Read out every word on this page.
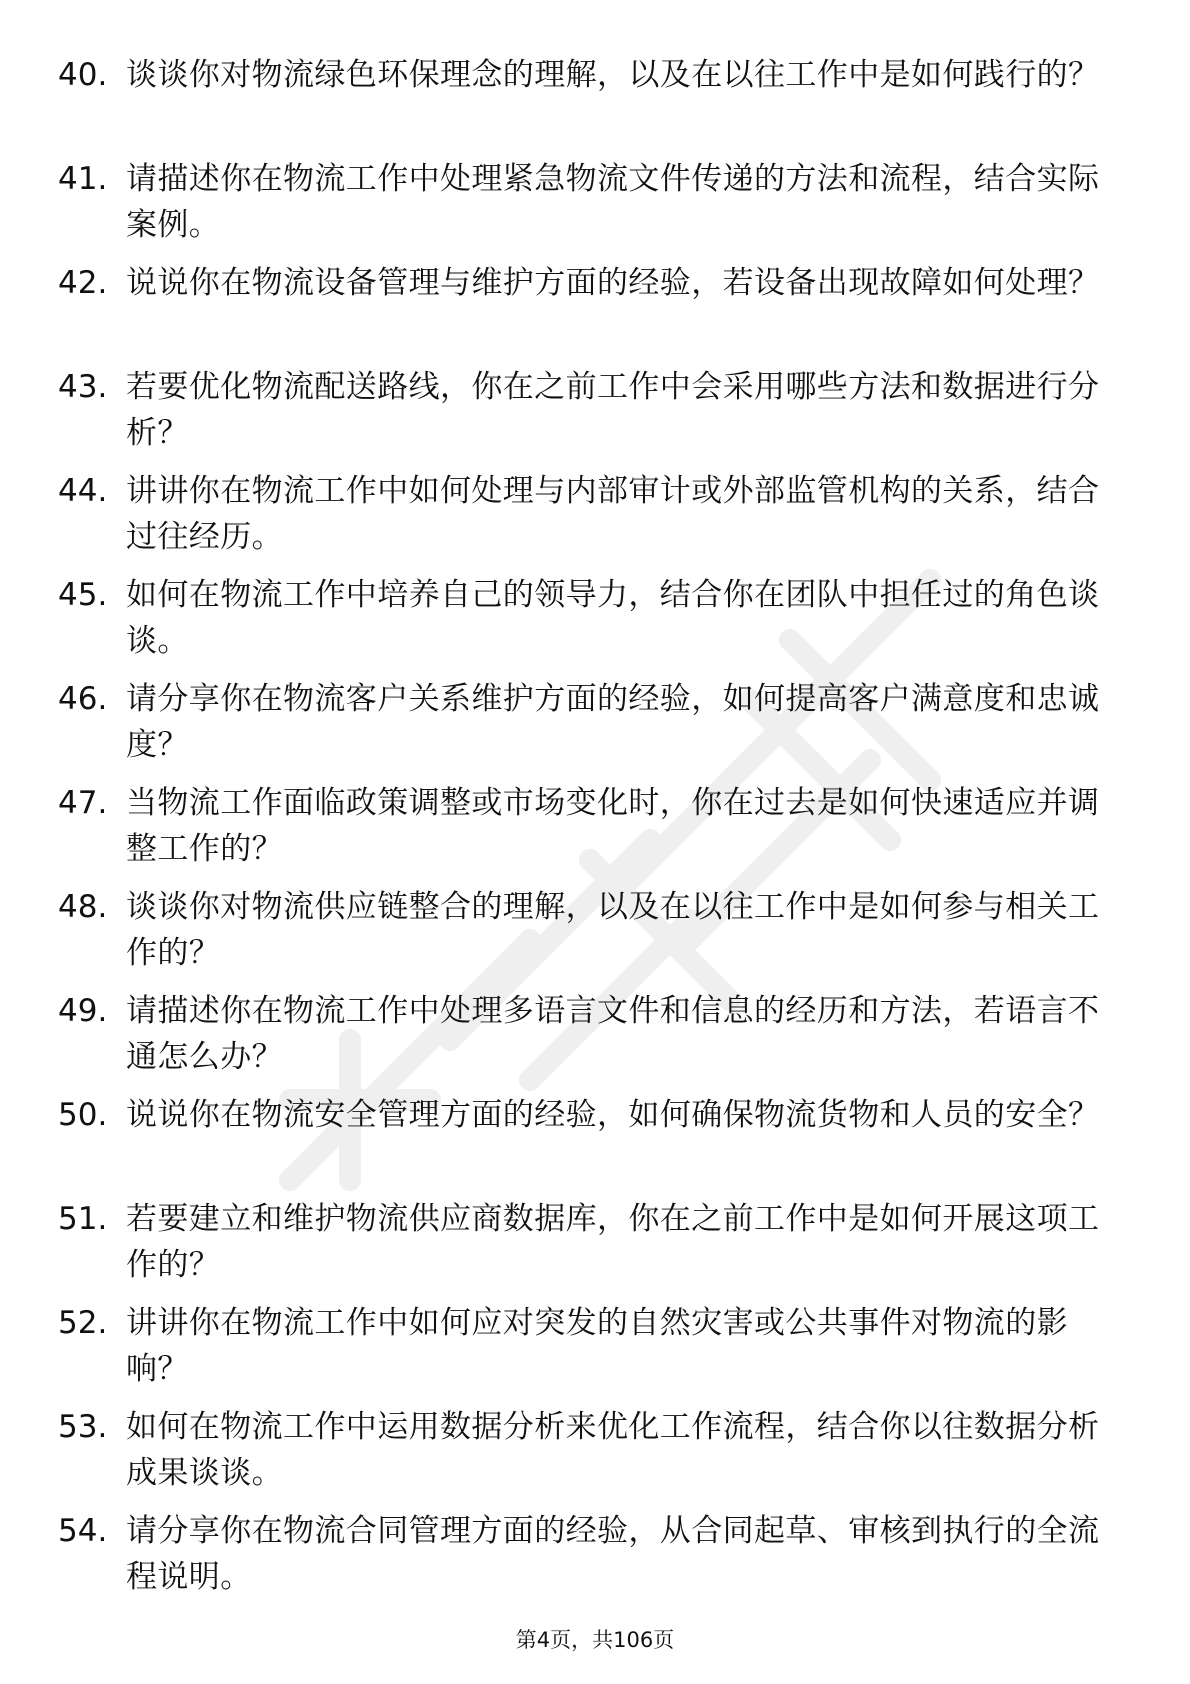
40. 谈谈你对物流绿色环保理念的理解，以及在以往工作中是如何践行的？
41. 请描述你在物流工作中处理紧急物流文件传递的方法和流程，结合实际案例。
42. 说说你在物流设备管理与维护方面的经验，若设备出现故障如何处理？
43. 若要优化物流配送路线，你在之前工作中会采用哪些方法和数据进行分析？
44. 讲讲你在物流工作中如何处理与内部审计或外部监管机构的关系，结合过往经历。
45. 如何在物流工作中培养自己的领导力，结合你在团队中担任过的角色谈谈。
46. 请分享你在物流客户关系维护方面的经验，如何提高客户满意度和忠诚度？
47. 当物流工作面临政策调整或市场变化时，你在过去是如何快速适应并调整工作的？
48. 谈谈你对物流供应链整合的理解，以及在以往工作中是如何参与相关工作的？
49. 请描述你在物流工作中处理多语言文件和信息的经历和方法，若语言不通怎么办？
50. 说说你在物流安全管理方面的经验，如何确保物流货物和人员的安全？
51. 若要建立和维护物流供应商数据库，你在之前工作中是如何开展这项工作的？
52. 讲讲你在物流工作中如何应对突发的自然灾害或公共事件对物流的影响？
53. 如何在物流工作中运用数据分析来优化工作流程，结合你以往数据分析成果谈谈。
54. 请分享你在物流合同管理方面的经验，从合同起草、审核到执行的全流程说明。
第4页，共106页
